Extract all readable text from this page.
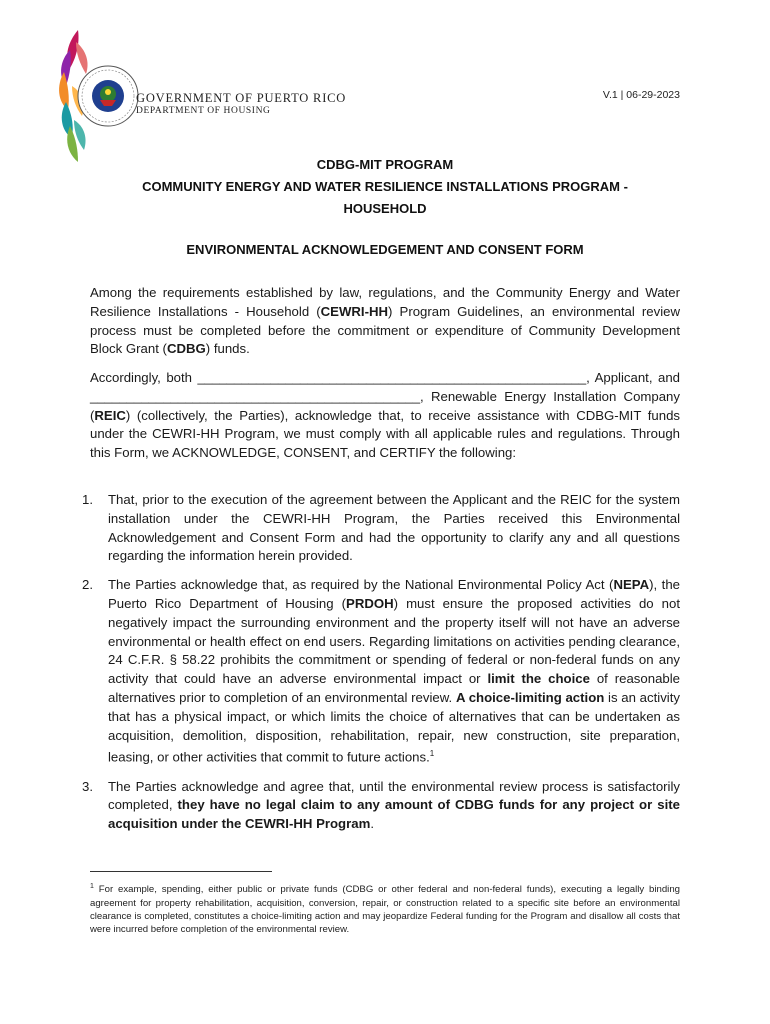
GOVERNMENT OF PUERTO RICO
DEPARTMENT OF HOUSING
V.1 | 06-29-2023
CDBG-MIT PROGRAM
COMMUNITY ENERGY AND WATER RESILIENCE INSTALLATIONS PROGRAM -
HOUSEHOLD
ENVIRONMENTAL ACKNOWLEDGEMENT AND CONSENT FORM
Among the requirements established by law, regulations, and the Community Energy and Water Resilience Installations - Household (CEWRI-HH) Program Guidelines, an environmental review process must be completed before the commitment or expenditure of Community Development Block Grant (CDBG) funds.
Accordingly, both _____________________________________________________, Applicant, and _____________________________________________, Renewable Energy Installation Company (REIC) (collectively, the Parties), acknowledge that, to receive assistance with CDBG-MIT funds under the CEWRI-HH Program, we must comply with all applicable rules and regulations. Through this Form, we ACKNOWLEDGE, CONSENT, and CERTIFY the following:
1. That, prior to the execution of the agreement between the Applicant and the REIC for the system installation under the CEWRI-HH Program, the Parties received this Environmental Acknowledgement and Consent Form and had the opportunity to clarify any and all questions regarding the information herein provided.
2. The Parties acknowledge that, as required by the National Environmental Policy Act (NEPA), the Puerto Rico Department of Housing (PRDOH) must ensure the proposed activities do not negatively impact the surrounding environment and the property itself will not have an adverse environmental or health effect on end users. Regarding limitations on activities pending clearance, 24 C.F.R. § 58.22 prohibits the commitment or spending of federal or non-federal funds on any activity that could have an adverse environmental impact or limit the choice of reasonable alternatives prior to completion of an environmental review. A choice-limiting action is an activity that has a physical impact, or which limits the choice of alternatives that can be undertaken as acquisition, demolition, disposition, rehabilitation, repair, new construction, site preparation, leasing, or other activities that commit to future actions.$^1$
3. The Parties acknowledge and agree that, until the environmental review process is satisfactorily completed, they have no legal claim to any amount of CDBG funds for any project or site acquisition under the CEWRI-HH Program.
$^1$ For example, spending, either public or private funds (CDBG or other federal and non-federal funds), executing a legally binding agreement for property rehabilitation, acquisition, conversion, repair, or construction related to a specific site before an environmental clearance is completed, constitutes a choice-limiting action and may jeopardize Federal funding for the Program and disallow all costs that were incurred before completion of the environmental review.
